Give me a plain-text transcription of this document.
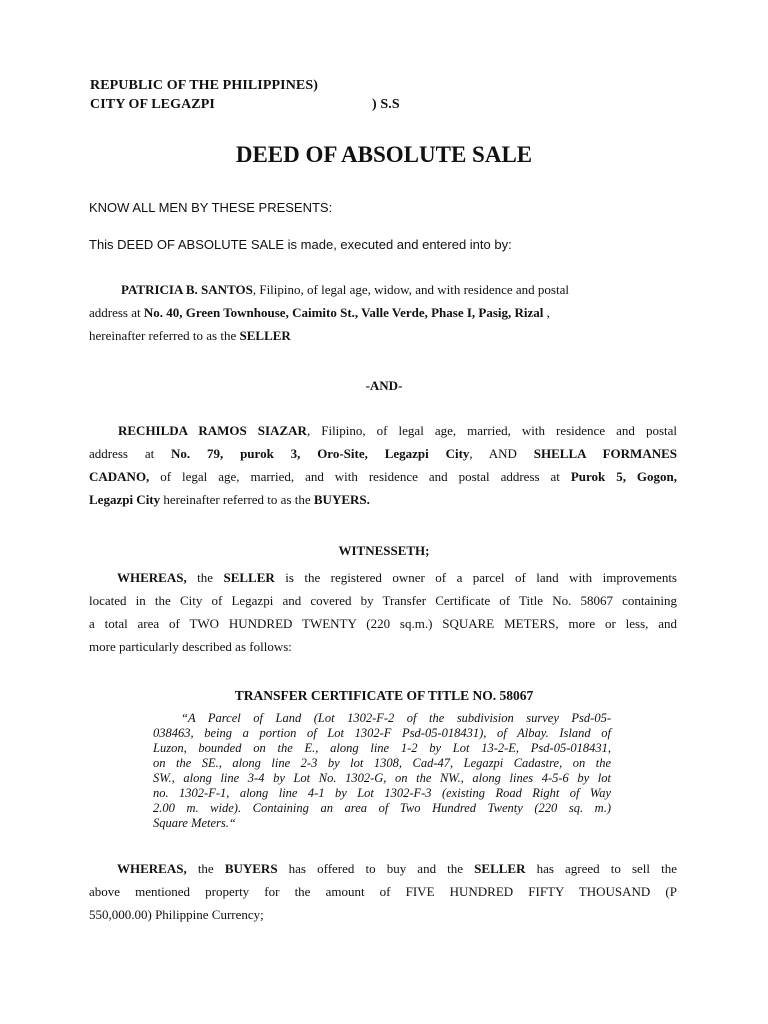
REPUBLIC OF THE PHILIPPINES)
CITY OF LEGAZPI	) S.S
DEED OF ABSOLUTE SALE
KNOW ALL MEN BY THESE PRESENTS:
This DEED OF ABSOLUTE SALE is made, executed and entered into by:
PATRICIA B. SANTOS, Filipino, of legal age, widow, and with residence and postal
address at No. 40, Green Townhouse, Caimito St., Valle Verde, Phase I, Pasig, Rizal ,
hereinafter referred to as the SELLER
-AND-
RECHILDA RAMOS SIAZAR, Filipino, of legal age, married, with residence and postal
address at No. 79, purok 3, Oro-Site, Legazpi City, AND SHELLA FORMANES
CADANO, of legal age, married, and with residence and postal address at Purok 5, Gogon,
Legazpi City hereinafter referred to as the BUYERS.
WITNESSETH;
WHEREAS, the SELLER is the registered owner of a parcel of land with improvements
located in the City of Legazpi and covered by Transfer Certificate of Title No. 58067 containing
a total area of TWO HUNDRED TWENTY (220 sq.m.) SQUARE METERS, more or less, and
more particularly described as follows:
TRANSFER CERTIFICATE OF TITLE NO. 58067
“A Parcel of Land (Lot 1302-F-2 of the subdivision survey Psd-05-
038463, being a portion of Lot 1302-F Psd-05-018431), of Albay. Island of
Luzon, bounded on the E., along line 1-2 by Lot 13-2-E, Psd-05-018431,
on the SE., along line 2-3 by lot 1308, Cad-47, Legazpi Cadastre, on the
SW., along line 3-4 by Lot No. 1302-G, on the NW., along lines 4-5-6 by lot
no. 1302-F-1, along line 4-1 by Lot 1302-F-3 (existing Road Right of Way
2.00 m. wide). Containing an area of Two Hundred Twenty (220 sq. m.)
Square Meters.“
WHEREAS, the BUYERS has offered to buy and the SELLER has agreed to sell the
above mentioned property for the amount of FIVE HUNDRED FIFTY THOUSAND (P
550,000.00) Philippine Currency;
